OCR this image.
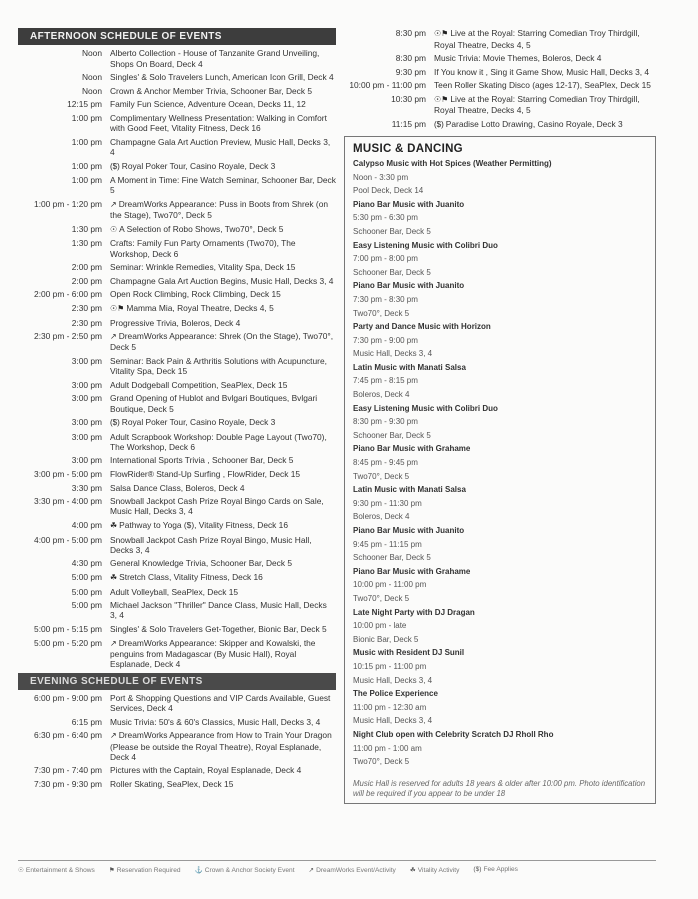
AFTERNOON SCHEDULE OF EVENTS
Noon Alberto Collection - House of Tanzanite Grand Unveiling, Shops On Board, Deck 4
Noon Singles' & Solo Travelers Lunch, American Icon Grill, Deck 4
Noon Crown & Anchor Member Trivia, Schooner Bar, Deck 5
12:15 pm Family Fun Science, Adventure Ocean, Decks 11, 12
1:00 pm Complimentary Wellness Presentation: Walking in Comfort with Good Feet, Vitality Fitness, Deck 16
1:00 pm Champagne Gala Art Auction Preview, Music Hall, Decks 3, 4
1:00 pm	($) Royal Poker Tour, Casino Royale, Deck 3
1:00 pm A Moment in Time: Fine Watch Seminar, Schooner Bar, Deck 5
1:00 pm - 1:20 pm	↗ DreamWorks Appearance: Puss in Boots from Shrek (on the Stage), Two70°, Deck 5
1:30 pm	☉ A Selection of Robo Shows, Two70°, Deck 5
1:30 pm Crafts: Family Fun Party Ornaments (Two70), The Workshop, Deck 6
2:00 pm Seminar: Wrinkle Remedies, Vitality Spa, Deck 15
2:00 pm Champagne Gala Art Auction Begins, Music Hall, Decks 3, 4
2:00 pm - 6:00 pm Open Rock Climbing, Rock Climbing, Deck 15
2:30 pm	☉⚑ Mamma Mia, Royal Theatre, Decks 4, 5
2:30 pm Progressive Trivia, Boleros, Deck 4
2:30 pm - 2:50 pm	↗ DreamWorks Appearance: Shrek (On the Stage), Two70°, Deck 5
3:00 pm Seminar: Back Pain & Arthritis Solutions with Acupuncture, Vitality Spa, Deck 15
3:00 pm Adult Dodgeball Competition, SeaPlex, Deck 15
3:00 pm Grand Opening of Hublot and Bvlgari Boutiques, Bvlgari Boutique, Deck 5
3:00 pm	($) Royal Poker Tour, Casino Royale, Deck 3
3:00 pm Adult Scrapbook Workshop: Double Page Layout (Two70), The Workshop, Deck 6
3:00 pm International Sports Trivia , Schooner Bar, Deck 5
3:00 pm - 5:00 pm FlowRider® Stand-Up Surfing , FlowRider, Deck 15
3:30 pm Salsa Dance Class, Boleros, Deck 4
3:30 pm - 4:00 pm Snowball Jackpot Cash Prize Royal Bingo Cards on Sale, Music Hall, Decks 3, 4
4:00 pm	☘ Pathway to Yoga ($), Vitality Fitness, Deck 16
4:00 pm - 5:00 pm Snowball Jackpot Cash Prize Royal Bingo, Music Hall, Decks 3, 4
4:30 pm General Knowledge Trivia, Schooner Bar, Deck 5
5:00 pm	☘ Stretch Class, Vitality Fitness, Deck 16
5:00 pm Adult Volleyball, SeaPlex, Deck 15
5:00 pm Michael Jackson "Thriller" Dance Class, Music Hall, Decks 3, 4
5:00 pm - 5:15 pm Singles' & Solo Travelers Get-Together, Bionic Bar, Deck 5
5:00 pm - 5:20 pm	↗ DreamWorks Appearance: Skipper and Kowalski, the penguins from Madagascar (By Music Hall), Royal Esplanade, Deck 4
EVENING SCHEDULE OF EVENTS
6:00 pm - 9:00 pm Port & Shopping Questions and VIP Cards Available, Guest Services, Deck 4
6:15 pm Music Trivia: 50's & 60's Classics, Music Hall, Decks 3, 4
6:30 pm - 6:40 pm	↗ DreamWorks Appearance from How to Train Your Dragon (Please be outside the Royal Theatre), Royal Esplanade, Deck 4
7:30 pm - 7:40 pm Pictures with the Captain, Royal Esplanade, Deck 4
7:30 pm - 9:30 pm Roller Skating, SeaPlex, Deck 15
8:30 pm	☉⚑ Live at the Royal: Starring Comedian Troy Thirdgill, Royal Theatre, Decks 4, 5
8:30 pm Music Trivia: Movie Themes, Boleros, Deck 4
9:30 pm If You know it , Sing it Game Show, Music Hall, Decks 3, 4
10:00 pm - 11:00 pm Teen Roller Skating Disco (ages 12-17), SeaPlex, Deck 15
10:30 pm	☉⚑ Live at the Royal: Starring Comedian Troy Thirdgill, Royal Theatre, Decks 4, 5
11:15 pm	($) Paradise Lotto Drawing, Casino Royale, Deck 3
MUSIC & DANCING
Calypso Music with Hot Spices (Weather Permitting)
Noon - 3:30 pm
Pool Deck, Deck 14
Piano Bar Music with Juanito
5:30 pm - 6:30 pm
Schooner Bar, Deck 5
Easy Listening Music with Colibri Duo
7:00 pm - 8:00 pm
Schooner Bar, Deck 5
Piano Bar Music with Juanito
7:30 pm - 8:30 pm
Two70°, Deck 5
Party and Dance Music with Horizon
7:30 pm - 9:00 pm
Music Hall, Decks 3, 4
Latin Music with Manati Salsa
7:45 pm - 8:15 pm
Boleros, Deck 4
Easy Listening Music with Colibri Duo
8:30 pm - 9:30 pm
Schooner Bar, Deck 5
Piano Bar Music with Grahame
8:45 pm - 9:45 pm
Two70°, Deck 5
Latin Music with Manati Salsa
9:30 pm - 11:30 pm
Boleros, Deck 4
Piano Bar Music with Juanito
9:45 pm - 11:15 pm
Schooner Bar, Deck 5
Piano Bar Music with Grahame
10:00 pm - 11:00 pm
Two70°, Deck 5
Late Night Party with DJ Dragan
10:00 pm - late
Bionic Bar, Deck 5
Music with Resident DJ Sunil
10:15 pm - 11:00 pm
Music Hall, Decks 3, 4
The Police Experience
11:00 pm - 12:30 am
Music Hall, Decks 3, 4
Night Club open with Celebrity Scratch DJ Rholl Rho
11:00 pm - 1:00 am
Two70°, Deck 5
Music Hall is reserved for adults 18 years & older after 10:00 pm. Photo identification will be required if you appear to be under 18
☉ Entertainment & Shows ⚑ Reservation Required ⚓ Crown & Anchor Society Event ↗ DreamWorks Event/Activity ☘ Vitality Activity ($) Fee Applies
